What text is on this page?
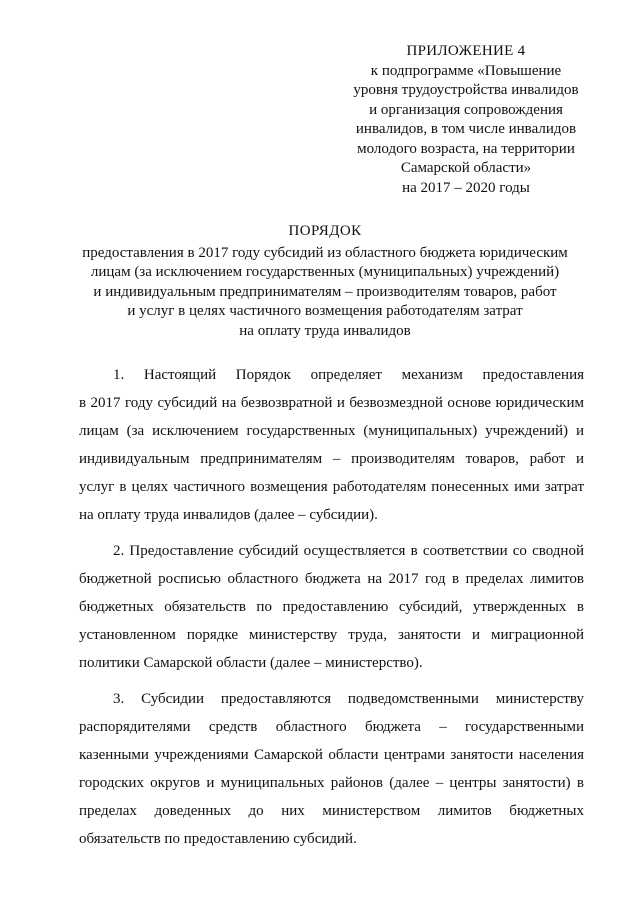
ПРИЛОЖЕНИЕ 4
к подпрограмме «Повышение
уровня трудоустройства инвалидов
и организация сопровождения
инвалидов, в том числе инвалидов
молодого возраста, на территории
Самарской области»
на 2017 – 2020 годы
ПОРЯДОК
предоставления в 2017 году субсидий из областного бюджета юридическим
лицам (за исключением государственных (муниципальных) учреждений)
и индивидуальным предпринимателям – производителям товаров, работ
и услуг в целях частичного возмещения работодателям затрат
на оплату труда инвалидов
1. Настоящий Порядок определяет механизм предоставления
в 2017 году субсидий на безвозвратной и безвозмездной основе юридическим
лицам (за исключением государственных (муниципальных) учреждений) и
индивидуальным предпринимателям – производителям товаров, работ и
услуг в целях частичного возмещения работодателям понесенных ими затрат
на оплату труда инвалидов (далее – субсидии).
2. Предоставление субсидий осуществляется в соответствии со сводной
бюджетной росписью областного бюджета на 2017 год в пределах лимитов
бюджетных обязательств по предоставлению субсидий, утвержденных в
установленном порядке министерству труда, занятости и миграционной
политики Самарской области (далее – министерство).
3. Субсидии предоставляются подведомственными министерству
распорядителями средств областного бюджета – государственными
казенными учреждениями Самарской области центрами занятости населения
городских округов и муниципальных районов (далее – центры занятости) в
пределах доведенных до них министерством лимитов бюджетных
обязательств по предоставлению субсидий.
